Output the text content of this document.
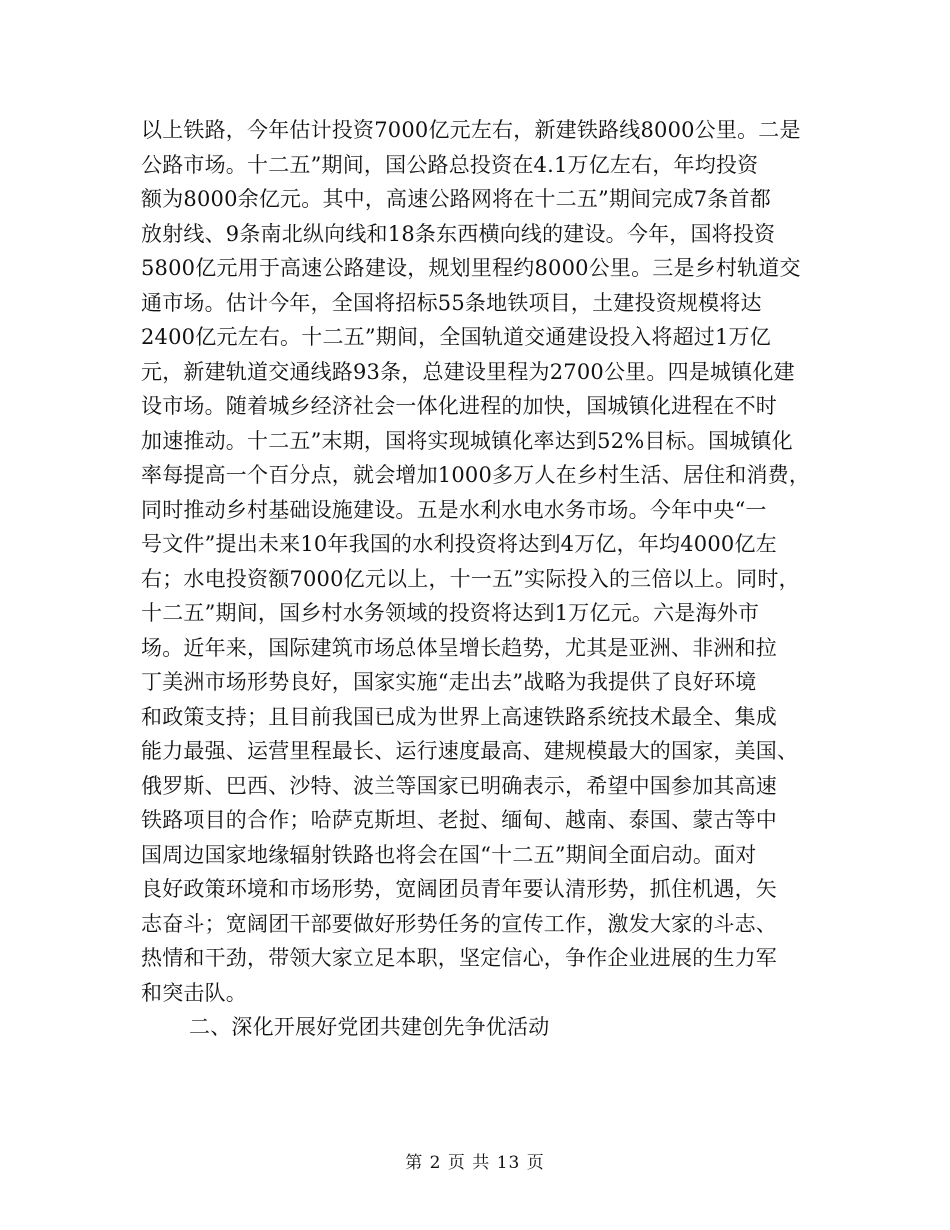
以上铁路，今年估计投资7000亿元左右，新建铁路线8000公里。二是
公路市场。十二五”期间，国公路总投资在4.1万亿左右，年均投资
额为8000余亿元。其中，高速公路网将在十二五”期间完成7条首都
放射线、9条南北纵向线和18条东西横向线的建设。今年，国将投资
5800亿元用于高速公路建设，规划里程约8000公里。三是乡村轨道交
通市场。估计今年，全国将招标55条地铁项目，土建投资规模将达
2400亿元左右。十二五”期间，全国轨道交通建设投入将超过1万亿
元，新建轨道交通线路93条，总建设里程为2700公里。四是城镇化建
设市场。随着城乡经济社会一体化进程的加快，国城镇化进程在不时
加速推动。十二五”末期，国将实现城镇化率达到52%目标。国城镇化
率每提高一个百分点，就会增加1000多万人在乡村生活、居住和消费，
同时推动乡村基础设施建设。五是水利水电水务市场。今年中央“一
号文件”提出未来10年我国的水利投资将达到4万亿，年均4000亿左
右；水电投资额7000亿元以上，十一五”实际投入的三倍以上。同时，
十二五”期间，国乡村水务领域的投资将达到1万亿元。六是海外市
场。近年来，国际建筑市场总体呈增长趋势，尤其是亚洲、非洲和拉
丁美洲市场形势良好，国家实施“走出去”战略为我提供了良好环境
和政策支持；且目前我国已成为世界上高速铁路系统技术最全、集成
能力最强、运营里程最长、运行速度最高、建规模最大的国家，美国、
俄罗斯、巴西、沙特、波兰等国家已明确表示，希望中国参加其高速
铁路项目的合作；哈萨克斯坦、老挝、缅甸、越南、泰国、蒙古等中
国周边国家地缘辐射铁路也将会在国“十二五”期间全面启动。面对
良好政策环境和市场形势，宽阔团员青年要认清形势，抓住机遇，矢
志奋斗；宽阔团干部要做好形势任务的宣传工作，激发大家的斗志、
热情和干劲，带领大家立足本职，坚定信心，争作企业进展的生力军
和突击队。
二、深化开展好党团共建创先争优活动
第 2 页 共 13 页
